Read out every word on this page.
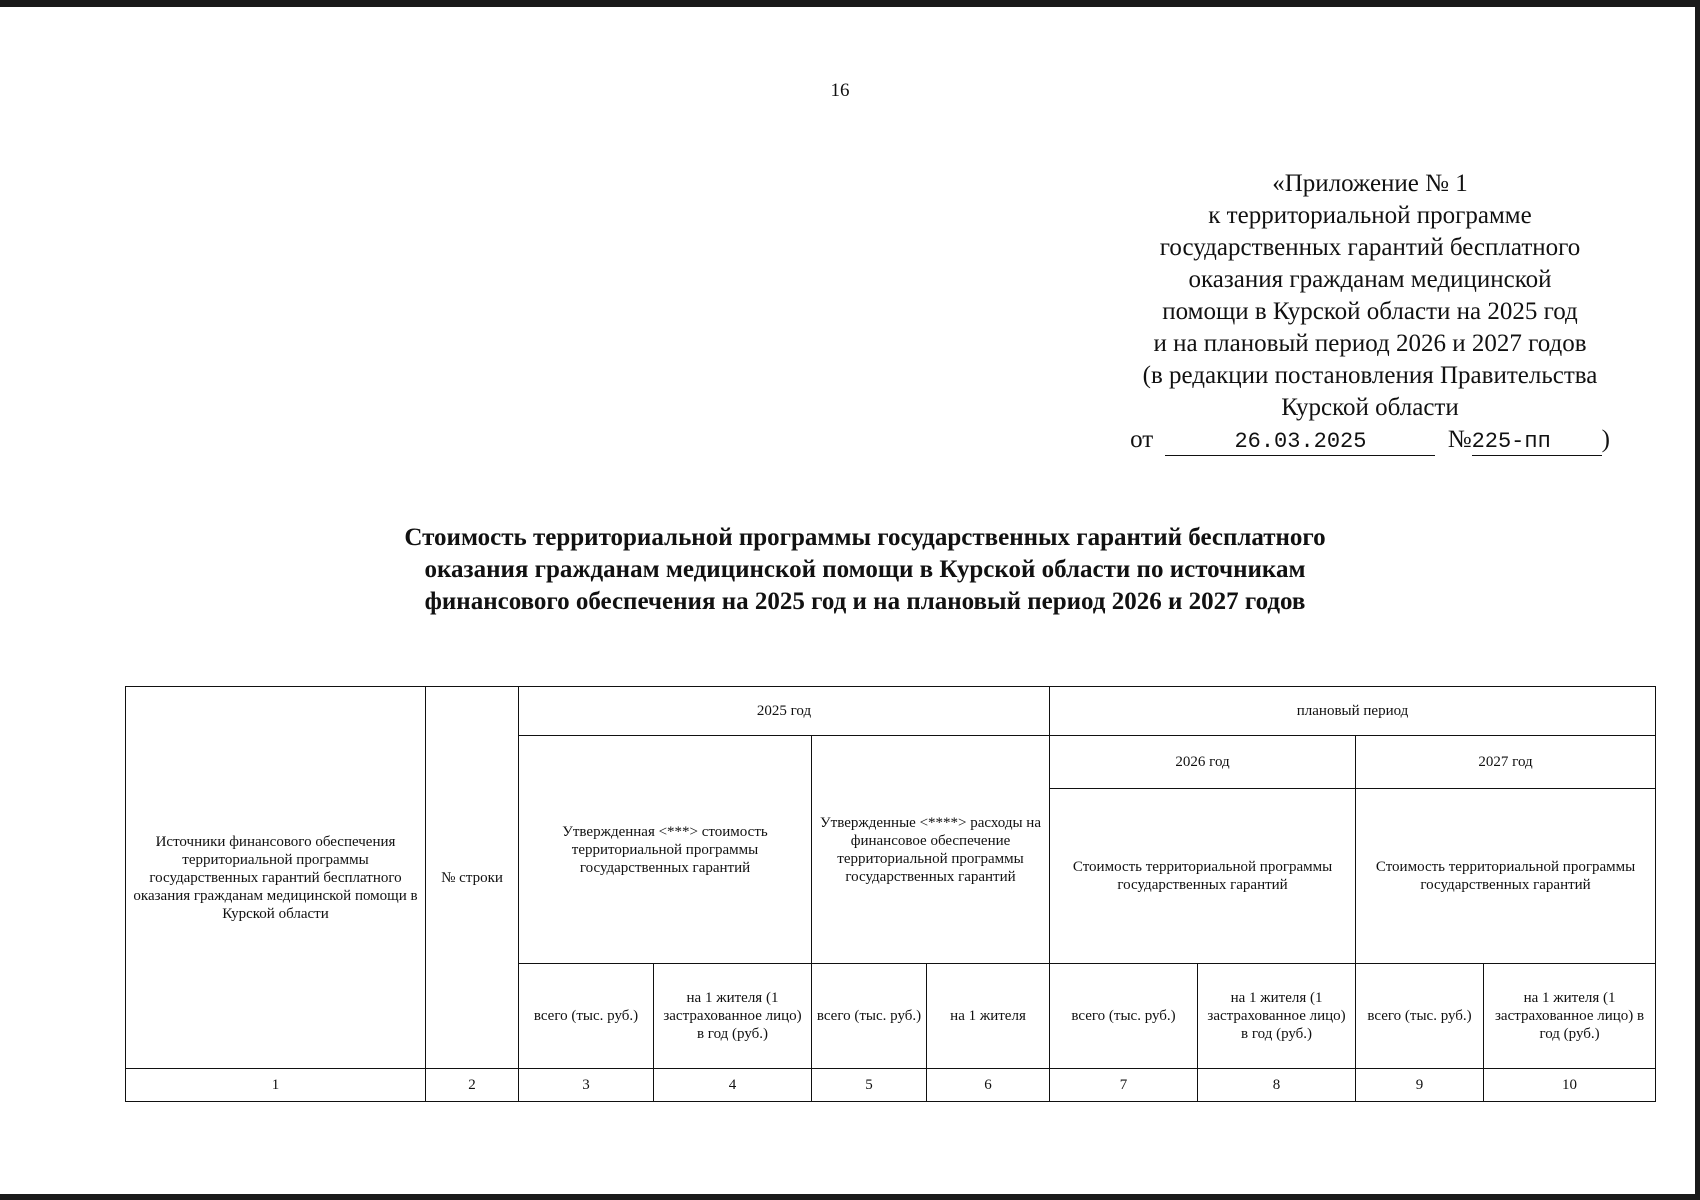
16
«Приложение № 1
к территориальной программе
государственных гарантий бесплатного
оказания гражданам медицинской
помощи в Курской области на 2025 год
и на плановый период 2026 и 2027 годов
(в редакции постановления Правительства
Курской области
от	26.03.2025	№225-пп )
Стоимость территориальной программы государственных гарантий бесплатного
оказания гражданам медицинской помощи в Курской области по источникам
финансового обеспечения на 2025 год и на плановый период 2026 и 2027 годов
Источники финансового обеспечения территориальной программы государственных гарантий бесплатного оказания гражданам медицинской помощи в Курской области	№ строки	2025 год				плановый период			
		Утвержденная <***> стоимость территориальной программы государственных гарантий		Утвержденные <****> расходы на финансовое обеспечение территориальной программы государственных гарантий		2026 год		2027 год	
						Стоимость территориальной программы государственных гарантий		Стоимость территориальной программы государственных гарантий	
		всего (тыс. руб.)	на 1 жителя (1 застрахованное лицо) в год (руб.)	всего (тыс. руб.)	на 1 жителя	всего (тыс. руб.)	на 1 жителя (1 застрахованное лицо) в год (руб.)	всего (тыс. руб.)	на 1 жителя (1 застрахованное лицо) в год (руб.)
1	2	3	4	5	6	7	8	9	10
